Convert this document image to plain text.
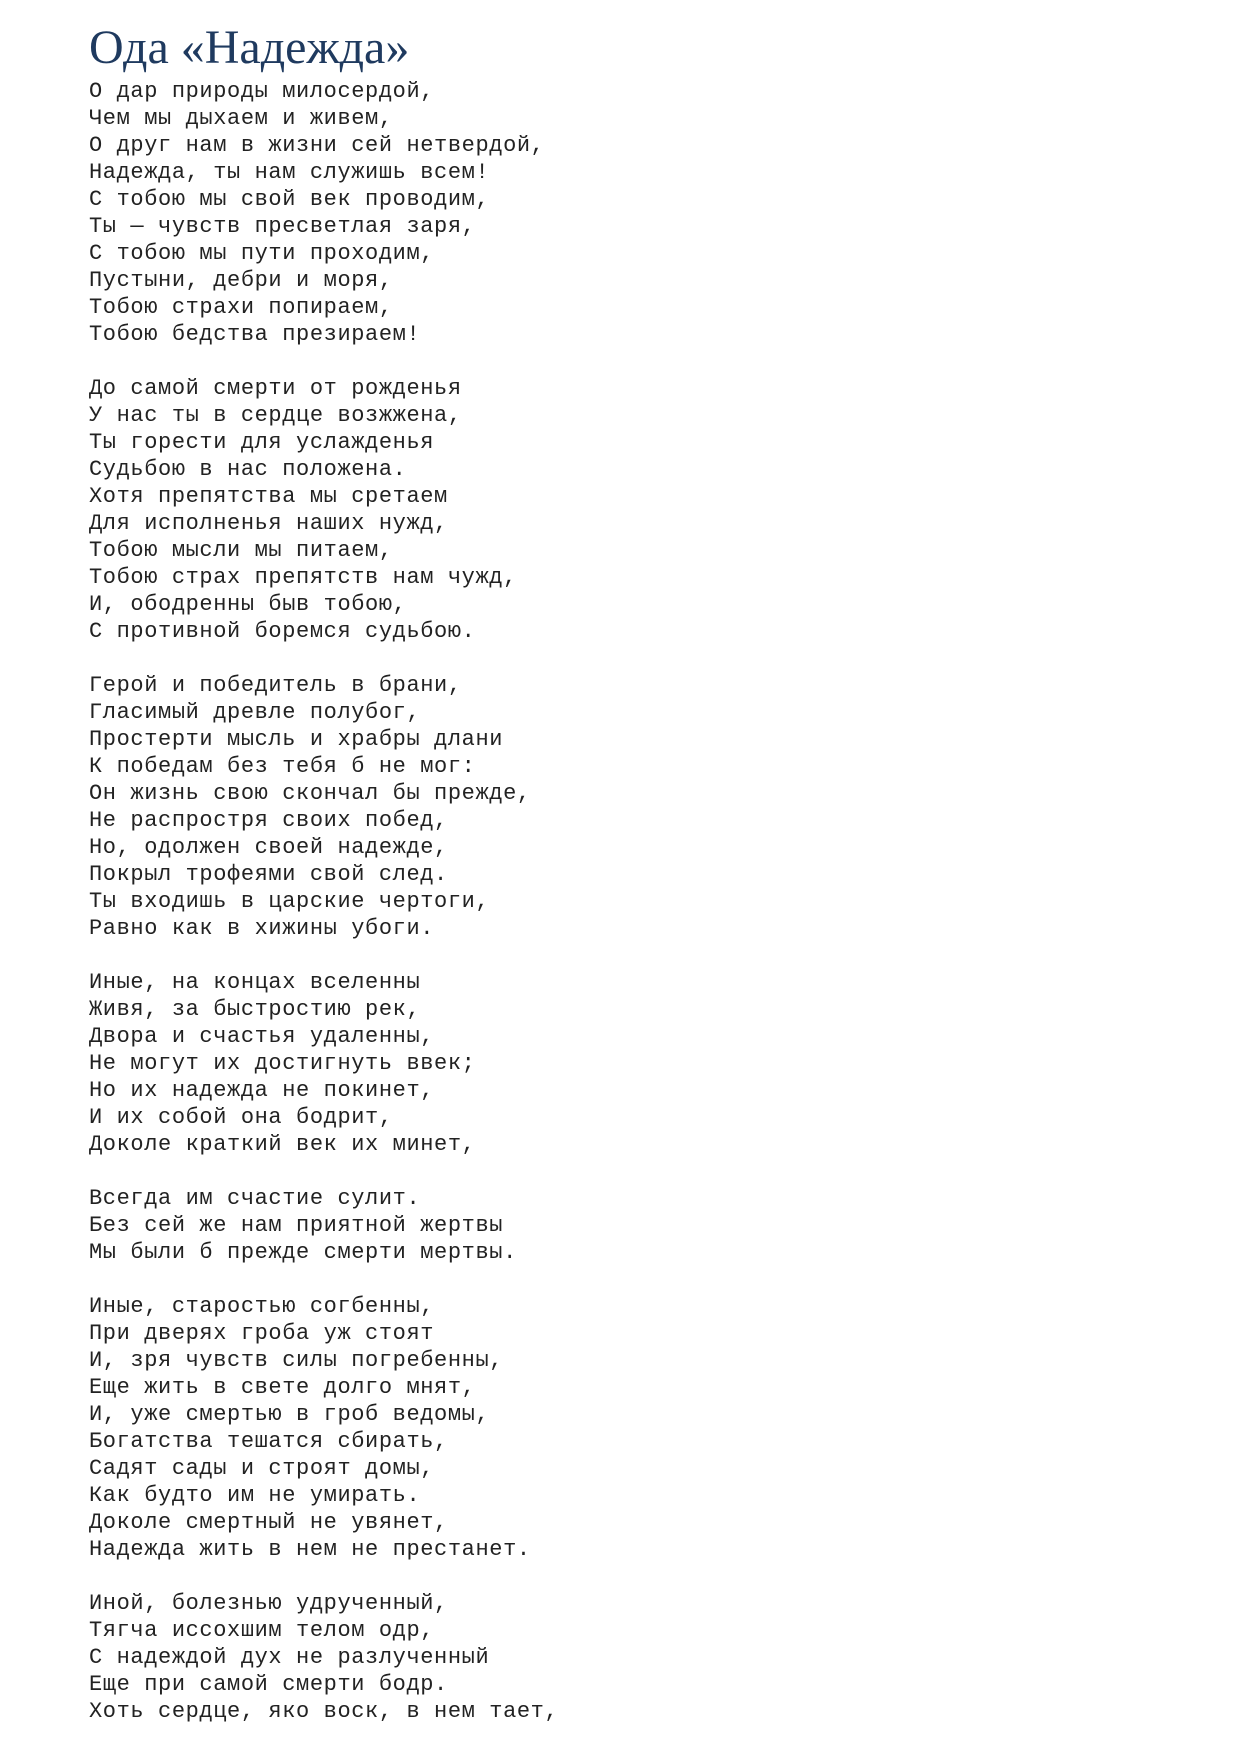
Ода «Надежда»
О дар природы милосердой,
Чем мы дыхаем и живем,
О друг нам в жизни сей нетвердой,
Надежда, ты нам служишь всем!
С тобою мы свой век проводим,
Ты — чувств пресветлая заря,
С тобою мы пути проходим,
Пустыни, дебри и моря,
Тобою страхи попираем,
Тобою бедства презираем!
До самой смерти от рожденья
У нас ты в сердце возжжена,
Ты горести для услажденья
Судьбою в нас положена.
Хотя препятства мы сретаем
Для исполненья наших нужд,
Тобою мысли мы питаем,
Тобою страх препятств нам чужд,
И, ободренны быв тобою,
С противной боремся судьбою.
Герой и победитель в брани,
Гласимый древле полубог,
Простерти мысль и храбры длани
К победам без тебя б не мог:
Он жизнь свою скончал бы прежде,
Не распростря своих побед,
Но, одолжен своей надежде,
Покрыл трофеями свой след.
Ты входишь в царские чертоги,
Равно как в хижины убоги.
Иные, на концах вселенны
Живя, за быстростию рек,
Двора и счастья удаленны,
Не могут их достигнуть ввек;
Но их надежда не покинет,
И их собой она бодрит,
Доколе краткий век их минет,
Всегда им счастие сулит.
Без сей же нам приятной жертвы
Мы были б прежде смерти мертвы.
Иные, старостью согбенны,
При дверях гроба уж стоят
И, зря чувств силы погребенны,
Еще жить в свете долго мнят,
И, уже смертью в гроб ведомы,
Богатства тешатся сбирать,
Садят сады и строят домы,
Как будто им не умирать.
Доколе смертный не увянет,
Надежда жить в нем не престанет.
Иной, болезнью удрученный,
Тягча иссохшим телом одр,
С надеждой дух не разлученный
Еще при самой смерти бодр.
Хоть сердце, яко воск, в нем тает,
